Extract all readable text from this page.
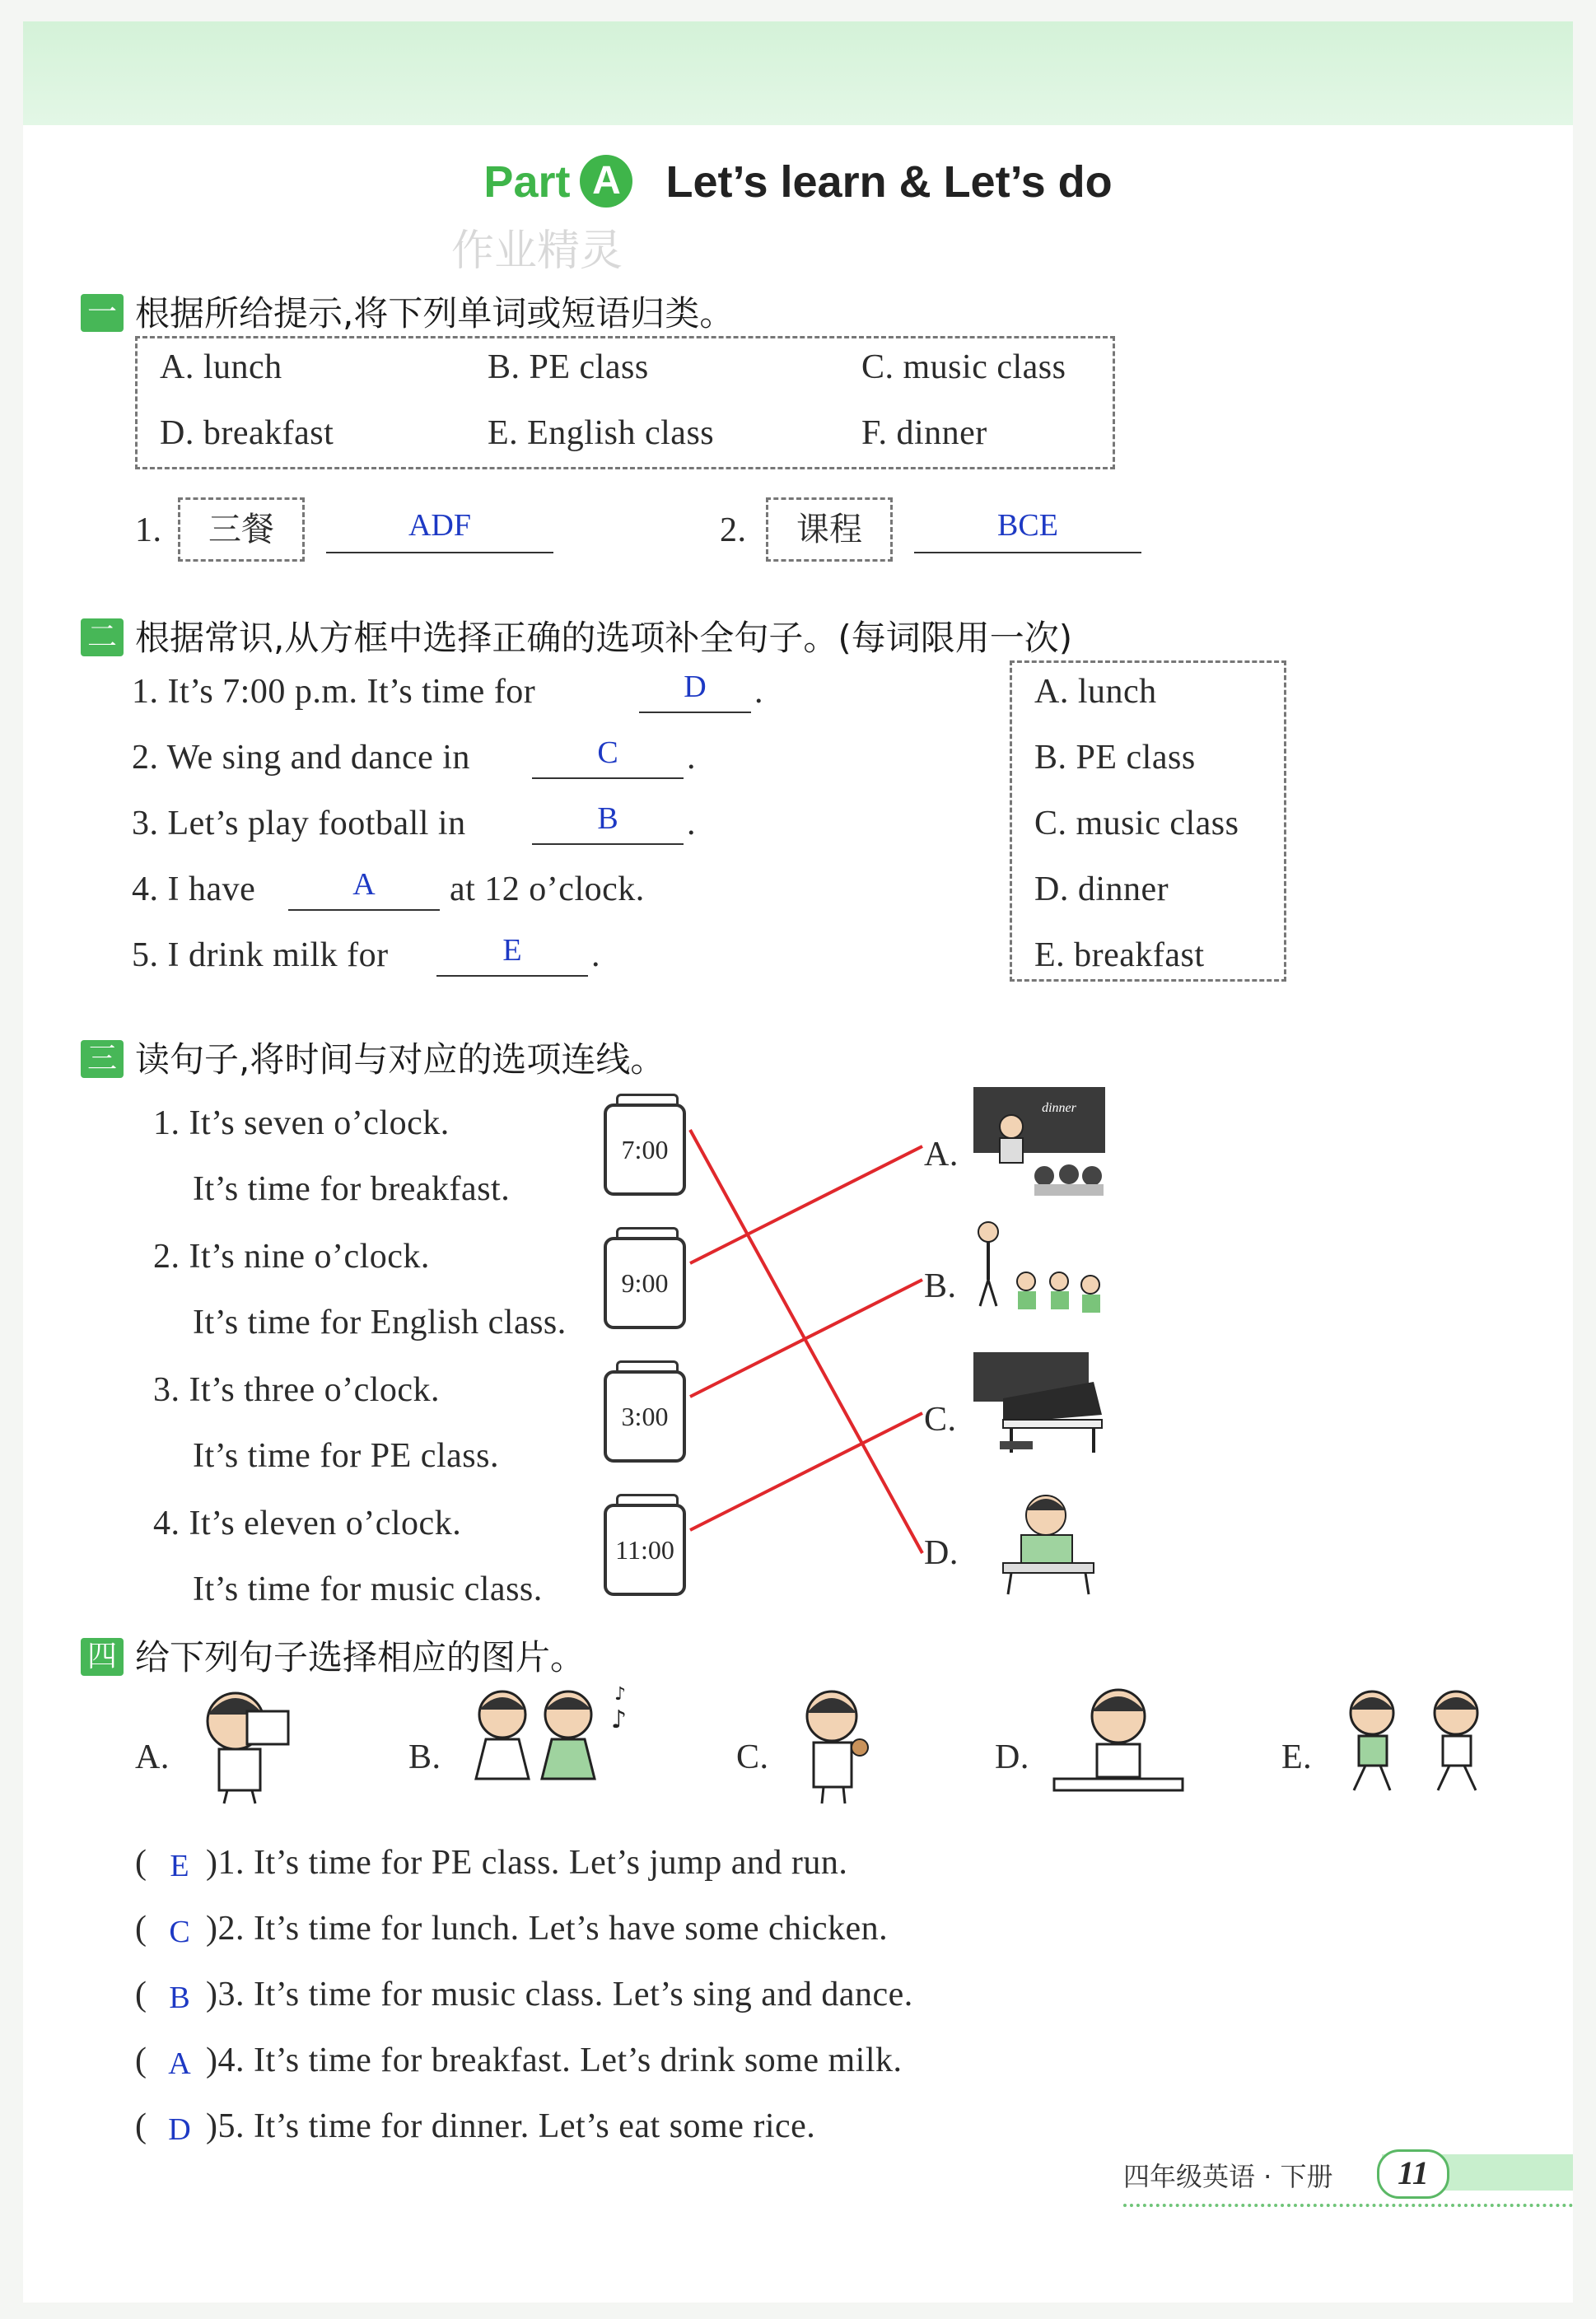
Part A Let’s learn & Let’s do
作业精灵
一 根据所给提示,将下列单词或短语归类。
A. lunch	B. PE class	C. music class
D. breakfast	E. English class	F. dinner
1.	三餐	ADF	2.	课程	BCE
二 根据常识,从方框中选择正确的选项补全句子。(每词限用一次)
A. lunch
B. PE class
C. music class
D. dinner
E. breakfast
1. It’s 7:00 p.m. It’s time for	D	.
2. We sing and dance in	C	.
3. Let’s play football in	B	.
4. I have	A	at 12 o’clock.
5. I drink milk for	E	.
三 读句子,将时间与对应的选项连线。
1. It’s seven o’clock.
It’s time for breakfast.
2. It’s nine o’clock.
It’s time for English class.
3. It’s three o’clock.
It’s time for PE class.
4. It’s eleven o’clock.
It’s time for music class.
7:00
9:00
3:00
11:00
A.
B.
C.
D.
dinner
四 给下列句子选择相应的图片。
A.	B.	C.	D.	E.
♪
♪
( E )1. It’s time for PE class. Let’s jump and run.
( C )2. It’s time for lunch. Let’s have some chicken.
( B )3. It’s time for music class. Let’s sing and dance.
( A )4. It’s time for breakfast. Let’s drink some milk.
( D )5. It’s time for dinner. Let’s eat some rice.
四年级英语 · 下册	11
